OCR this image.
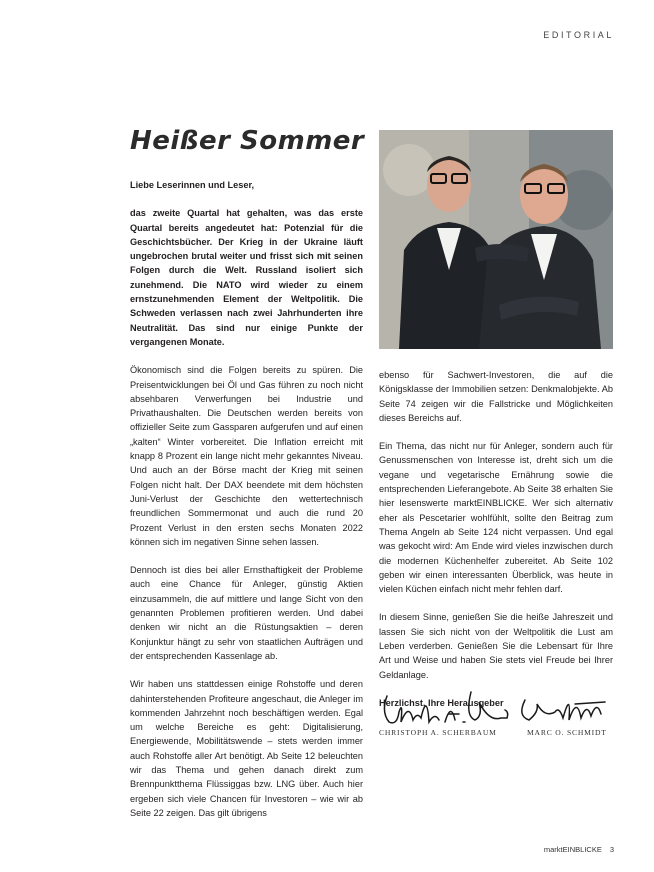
EDITORIAL
Heißer Sommer

Liebe Leserinnen und Leser,

das zweite Quartal hat gehalten, was das erste Quartal bereits angedeutet hat: Potenzial für die Geschichtsbücher. Der Krieg in der Ukraine läuft ungebrochen brutal weiter und frisst sich mit seinen Folgen durch die Welt. Russland isoliert sich zunehmend. Die NATO wird wieder zu einem ernstzunehmenden Element der Weltpolitik. Die Schweden verlassen nach zwei Jahrhunderten ihre Neutralität. Das sind nur einige Punkte der vergangenen Monate.

Ökonomisch sind die Folgen bereits zu spüren. Die Preisentwicklungen bei Öl und Gas führen zu noch nicht absehbaren Verwerfungen bei Industrie und Privathaushalten. Die Deutschen werden bereits von offizieller Seite zum Gassparen aufgerufen und auf einen „kalten“ Winter vorbereitet. Die Inflation erreicht mit knapp 8 Prozent ein lange nicht mehr gekanntes Niveau. Und auch an der Börse macht der Krieg mit seinen Folgen nicht halt. Der DAX beendete mit dem höchsten Juni-Verlust der Geschichte den wettertechnisch freundlichen Sommermonat und auch die rund 20 Prozent Verlust in den ersten sechs Monaten 2022 können sich im negativen Sinne sehen lassen.

Dennoch ist dies bei aller Ernsthaftigkeit der Probleme auch eine Chance für Anleger, günstig Aktien einzusammeln, die auf mittlere und lange Sicht von den genannten Problemen profitieren werden. Und dabei denken wir nicht an die Rüstungsaktien – deren Konjunktur hängt zu sehr von staatlichen Aufträgen und der entsprechenden Kassenlage ab.

Wir haben uns stattdessen einige Rohstoffe und deren dahinterstehenden Profiteure angeschaut, die Anleger im kommenden Jahrzehnt noch beschäftigen werden. Egal um welche Bereiche es geht: Digitalisierung, Energiewende, Mobilitätswende – stets werden immer auch Rohstoffe aller Art benötigt. Ab Seite 12 beleuchten wir das Thema und gehen danach direkt zum Brennpunktthema Flüssiggas bzw. LNG über. Auch hier ergeben sich viele Chancen für Investoren – wie wir ab Seite 22 zeigen. Das gilt übrigens

ebenso für Sachwert-Investoren, die auf die Königsklasse der Immobilien setzen: Denkmalobjekte. Ab Seite 74 zeigen wir die Fallstricke und Möglichkeiten dieses Bereichs auf.

Ein Thema, das nicht nur für Anleger, sondern auch für Genussmenschen von Interesse ist, dreht sich um die vegane und vegetarische Ernährung sowie die entsprechenden Lieferangebote. Ab Seite 38 erhalten Sie hier lesenswerte marktEINBLICKE. Wer sich alternativ eher als Pescetarier wohlfühlt, sollte den Beitrag zum Thema Angeln ab Seite 124 nicht verpassen. Und egal was gekocht wird: Am Ende wird vieles inzwischen durch die modernen Küchenhelfer zubereitet. Ab Seite 102 geben wir einen interessanten Überblick, was heute in vielen Küchen einfach nicht mehr fehlen darf.

In diesem Sinne, genießen Sie die heiße Jahreszeit und lassen Sie sich nicht von der Weltpolitik die Lust am Leben verderben. Genießen Sie die Lebensart für Ihre Art und Weise und haben Sie stets viel Freude bei Ihrer Geldanlage.

Herzlichst, Ihre Herausgeber

CHRISTOPH A. SCHERBAUM	MARC O. SCHMIDT
marktEINBLICKE 3
